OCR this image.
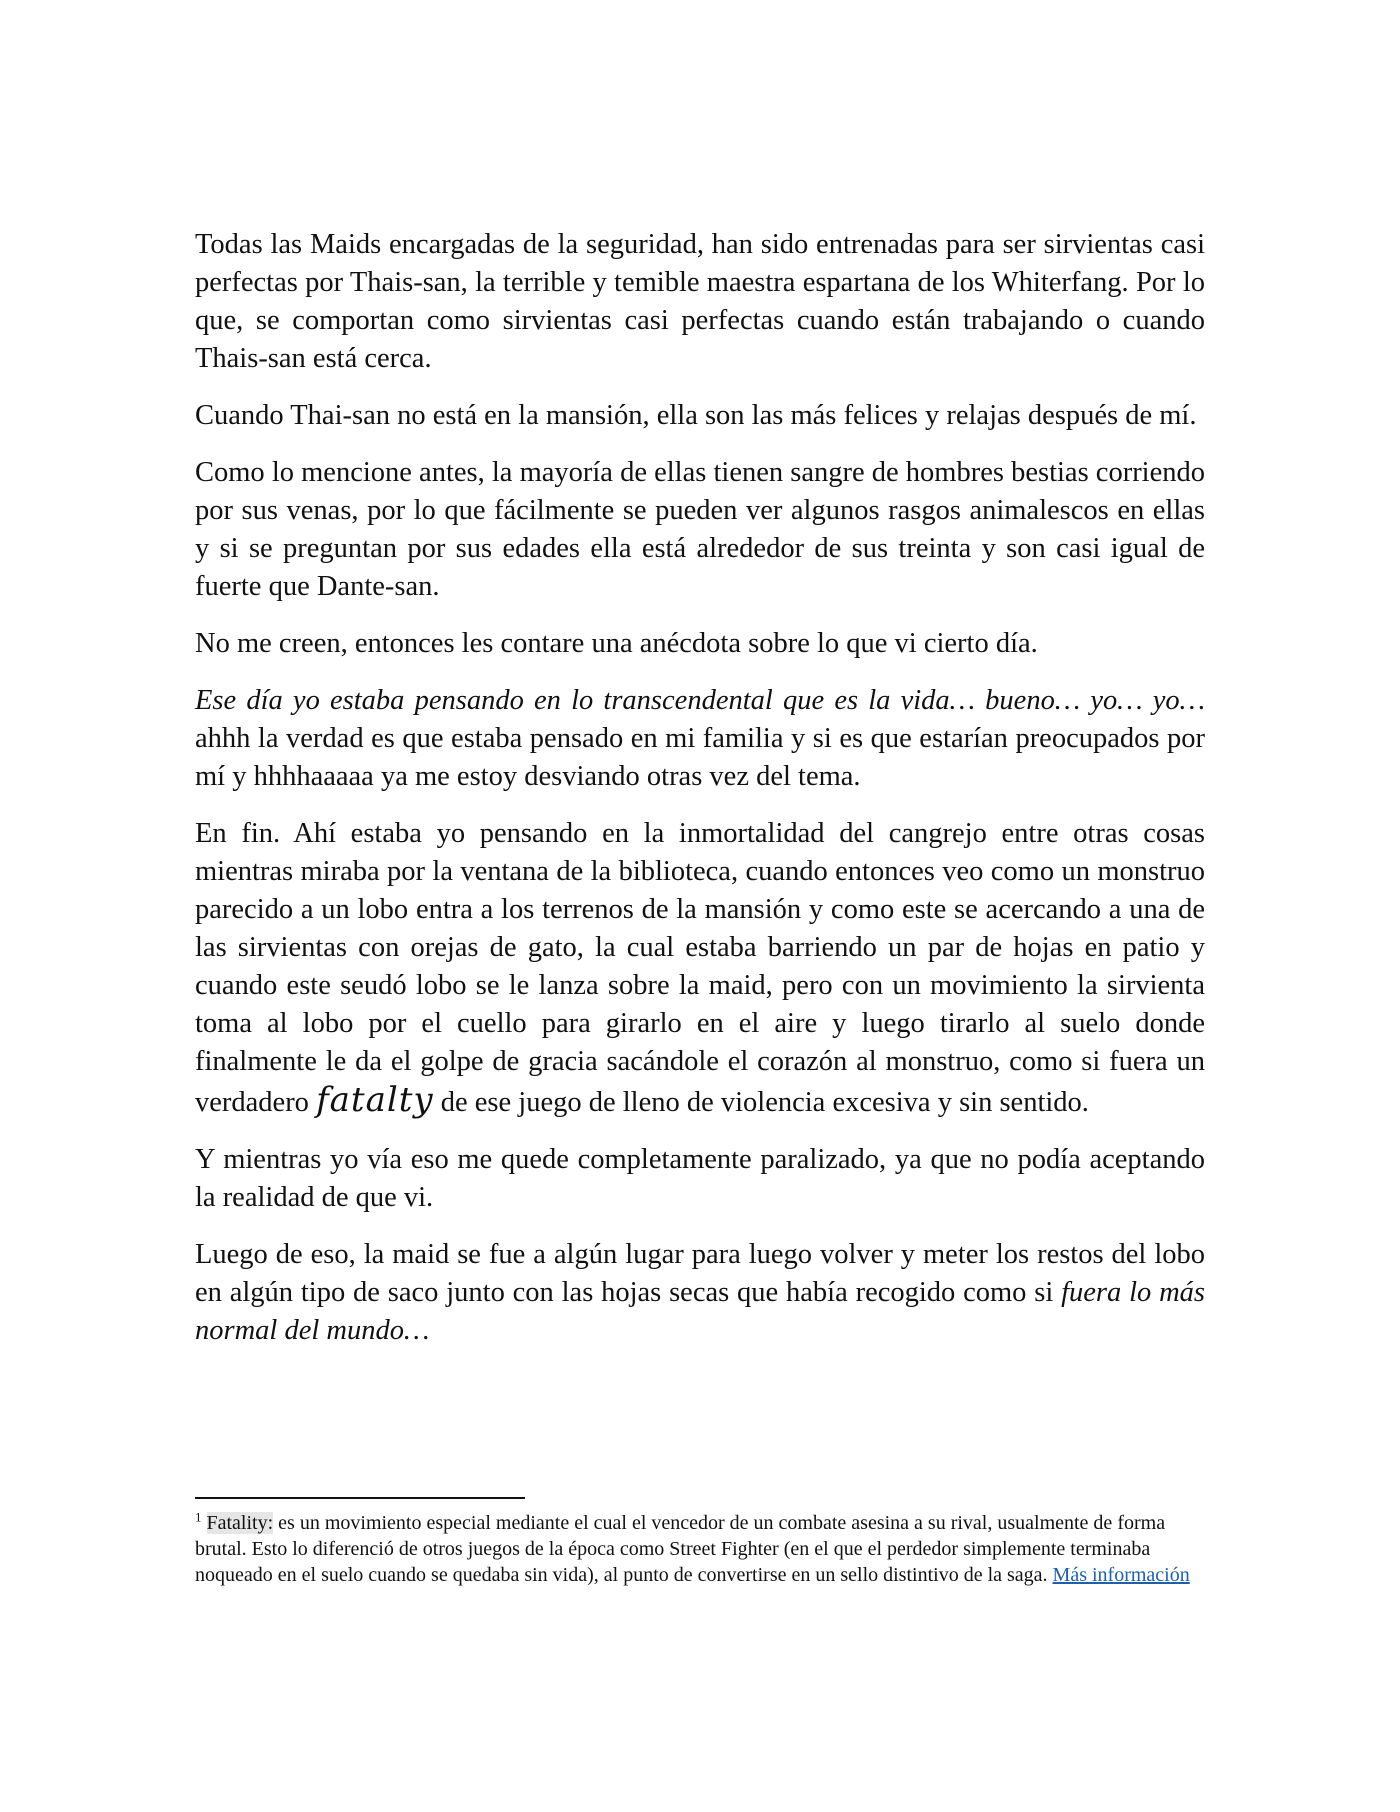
Todas las Maids encargadas de la seguridad, han sido entrenadas para ser sirvientas casi perfectas por Thais-san, la terrible y temible maestra espartana de los Whiterfang. Por lo que, se comportan como sirvientas casi perfectas cuando están trabajando o cuando Thais-san está cerca.

Cuando Thai-san no está en la mansión, ella son las más felices y relajas después de mí.

Como lo mencione antes, la mayoría de ellas tienen sangre de hombres bestias corriendo por sus venas, por lo que fácilmente se pueden ver algunos rasgos animalescos en ellas y si se preguntan por sus edades ella está alrededor de sus treinta y son casi igual de fuerte que Dante-san.

No me creen, entonces les contare una anécdota sobre lo que vi cierto día.

Ese día yo estaba pensando en lo transcendental que es la vida… bueno… yo… yo… ahhh la verdad es que estaba pensado en mi familia y si es que estarían preocupados por mí y hhhhaaaaa ya me estoy desviando otras vez del tema.

En fin. Ahí estaba yo pensando en la inmortalidad del cangrejo entre otras cosas mientras miraba por la ventana de la biblioteca, cuando entonces veo como un monstruo parecido a un lobo entra a los terrenos de la mansión y como este se acercando a una de las sirvientas con orejas de gato, la cual estaba barriendo un par de hojas en patio y cuando este seudó lobo se le lanza sobre la maid, pero con un movimiento la sirvienta toma al lobo por el cuello para girarlo en el aire y luego tirarlo al suelo donde finalmente le da el golpe de gracia sacándole el corazón al monstruo, como si fuera un verdadero fatalty de ese juego de lleno de violencia excesiva y sin sentido.

Y mientras yo vía eso me quede completamente paralizado, ya que no podía aceptando la realidad de que vi.

Luego de eso, la maid se fue a algún lugar para luego volver y meter los restos del lobo en algún tipo de saco junto con las hojas secas que había recogido como si fuera lo más normal del mundo…

$^1$ Fatality: es un movimiento especial mediante el cual el vencedor de un combate asesina a su rival, usualmente de forma brutal. Esto lo diferenció de otros juegos de la época como Street Fighter (en el que el perdedor simplemente terminaba noqueado en el suelo cuando se quedaba sin vida), al punto de convertirse en un sello distintivo de la saga. Más información
